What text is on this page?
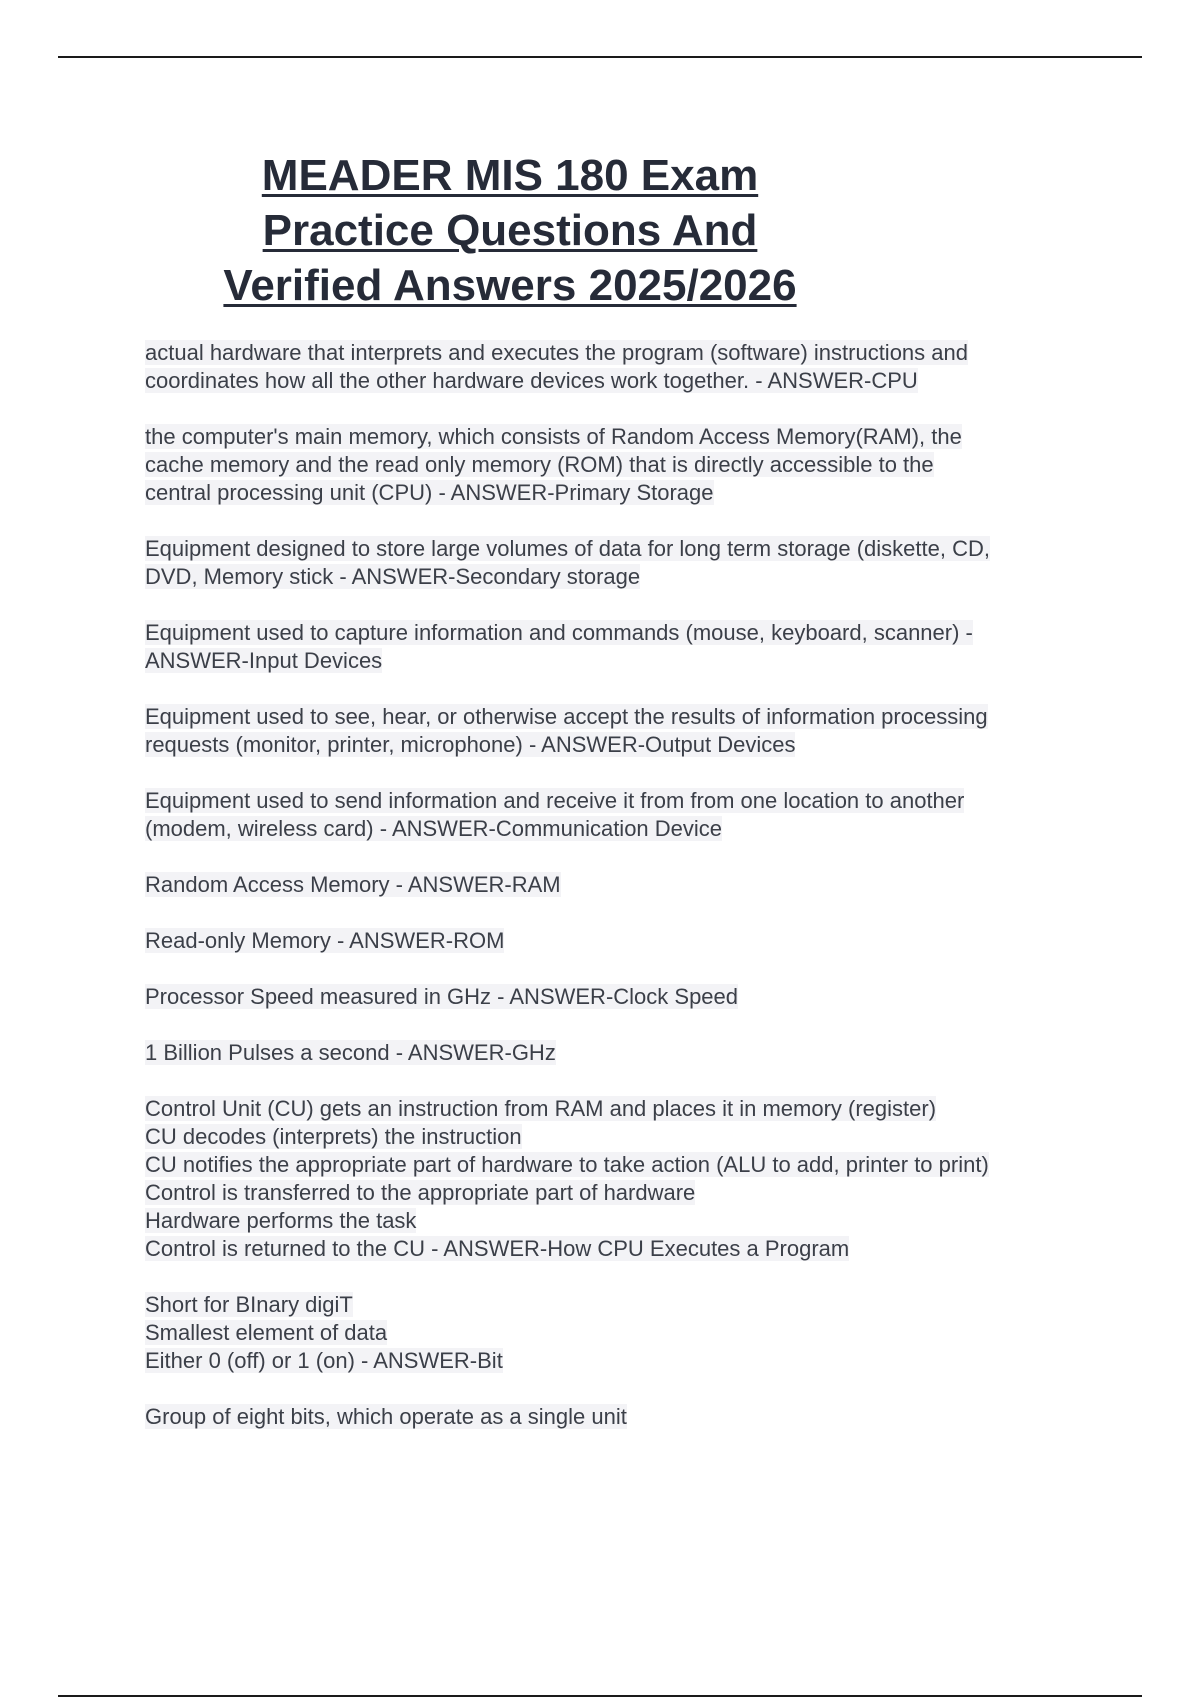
MEADER MIS 180 Exam
Practice Questions And
Verified Answers 2025/2026

actual hardware that interprets and executes the program (software) instructions and
coordinates how all the other hardware devices work together. - ANSWER-CPU

the computer's main memory, which consists of Random Access Memory(RAM), the
cache memory and the read only memory (ROM) that is directly accessible to the
central processing unit (CPU) - ANSWER-Primary Storage

Equipment designed to store large volumes of data for long term storage (diskette, CD,
DVD, Memory stick - ANSWER-Secondary storage

Equipment used to capture information and commands (mouse, keyboard, scanner) -
ANSWER-Input Devices

Equipment used to see, hear, or otherwise accept the results of information processing
requests (monitor, printer, microphone) - ANSWER-Output Devices

Equipment used to send information and receive it from from one location to another
(modem, wireless card) - ANSWER-Communication Device

Random Access Memory - ANSWER-RAM

Read-only Memory - ANSWER-ROM

Processor Speed measured in GHz - ANSWER-Clock Speed

1 Billion Pulses a second - ANSWER-GHz

Control Unit (CU) gets an instruction from RAM and places it in memory (register)
CU decodes (interprets) the instruction
CU notifies the appropriate part of hardware to take action (ALU to add, printer to print)
Control is transferred to the appropriate part of hardware
Hardware performs the task
Control is returned to the CU - ANSWER-How CPU Executes a Program

Short for BInary digiT
Smallest element of data
Either 0 (off) or 1 (on) - ANSWER-Bit

Group of eight bits, which operate as a single unit
